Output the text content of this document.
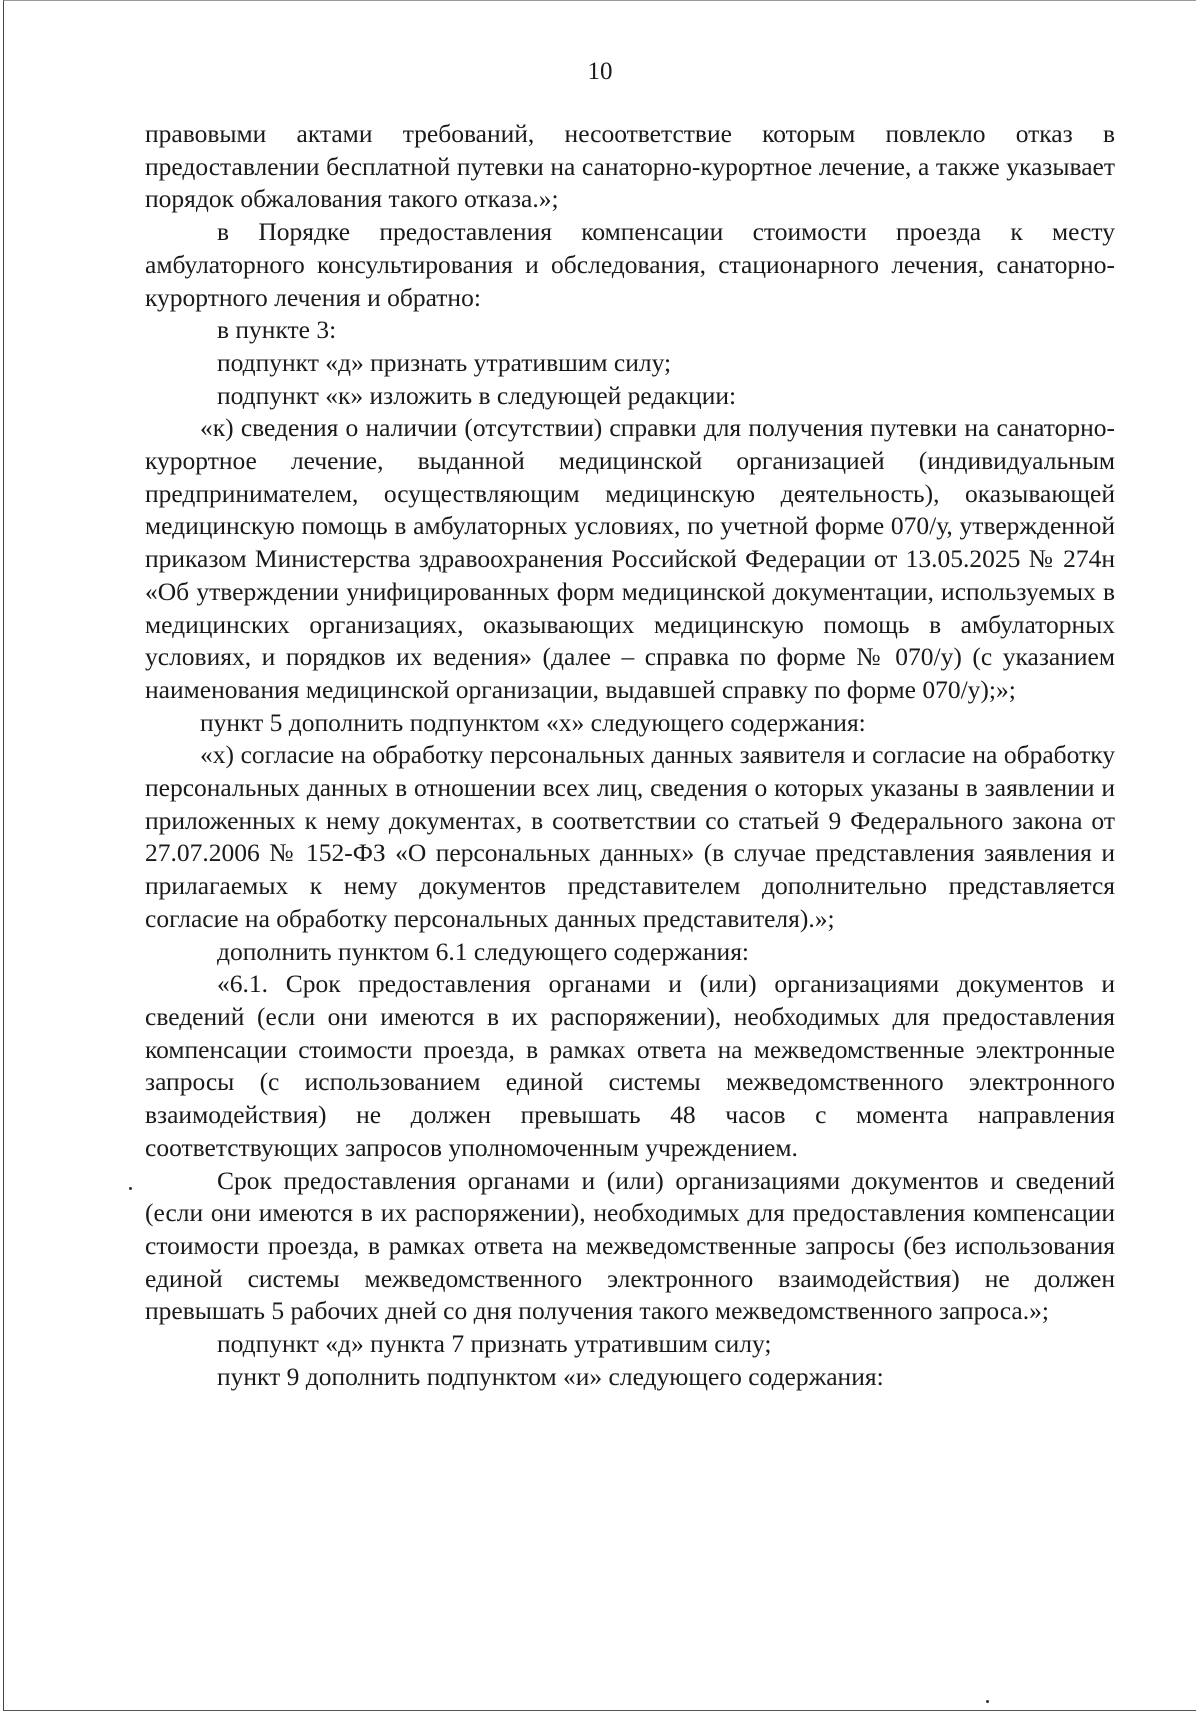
10

правовыми актами требований, несоответствие которым повлекло отказ в предоставлении бесплатной путевки на санаторно-курортное лечение, а также указывает порядок обжалования такого отказа.»;

в Порядке предоставления компенсации стоимости проезда к месту амбулаторного консультирования и обследования, стационарного лечения, санаторно-курортного лечения и обратно:

в пункте 3:

подпункт «д» признать утратившим силу;

подпункт «к» изложить в следующей редакции:

«к) сведения о наличии (отсутствии) справки для получения путевки на санаторно-курортное лечение, выданной медицинской организацией (индивидуальным предпринимателем, осуществляющим медицинскую деятельность), оказывающей медицинскую помощь в амбулаторных условиях, по учетной форме 070/у, утвержденной приказом Министерства здравоохранения Российской Федерации от 13.05.2025 № 274н «Об утверждении унифицированных форм медицинской документации, используемых в медицинских организациях, оказывающих медицинскую помощь в амбулаторных условиях, и порядков их ведения» (далее – справка по форме № 070/у) (с указанием наименования медицинской организации, выдавшей справку по форме 070/у);»;

пункт 5 дополнить подпунктом «х» следующего содержания:

«х) согласие на обработку персональных данных заявителя и согласие на обработку персональных данных в отношении всех лиц, сведения о которых указаны в заявлении и приложенных к нему документах, в соответствии со статьей 9 Федерального закона от 27.07.2006 № 152-ФЗ «О персональных данных» (в случае представления заявления и прилагаемых к нему документов представителем дополнительно представляется согласие на обработку персональных данных представителя).»;

дополнить пунктом 6.1 следующего содержания:

«6.1. Срок предоставления органами и (или) организациями документов и сведений (если они имеются в их распоряжении), необходимых для предоставления компенсации стоимости проезда, в рамках ответа на межведомственные электронные запросы (с использованием единой системы межведомственного электронного взаимодействия) не должен превышать 48 часов с момента направления соответствующих запросов уполномоченным учреждением.

Срок предоставления органами и (или) организациями документов и сведений (если они имеются в их распоряжении), необходимых для предоставления компенсации стоимости проезда, в рамках ответа на межведомственные запросы (без использования единой системы межведомственного электронного взаимодействия) не должен превышать 5 рабочих дней со дня получения такого межведомственного запроса.»;

подпункт «д» пункта 7 признать утратившим силу;

пункт 9 дополнить подпунктом «и» следующего содержания:
